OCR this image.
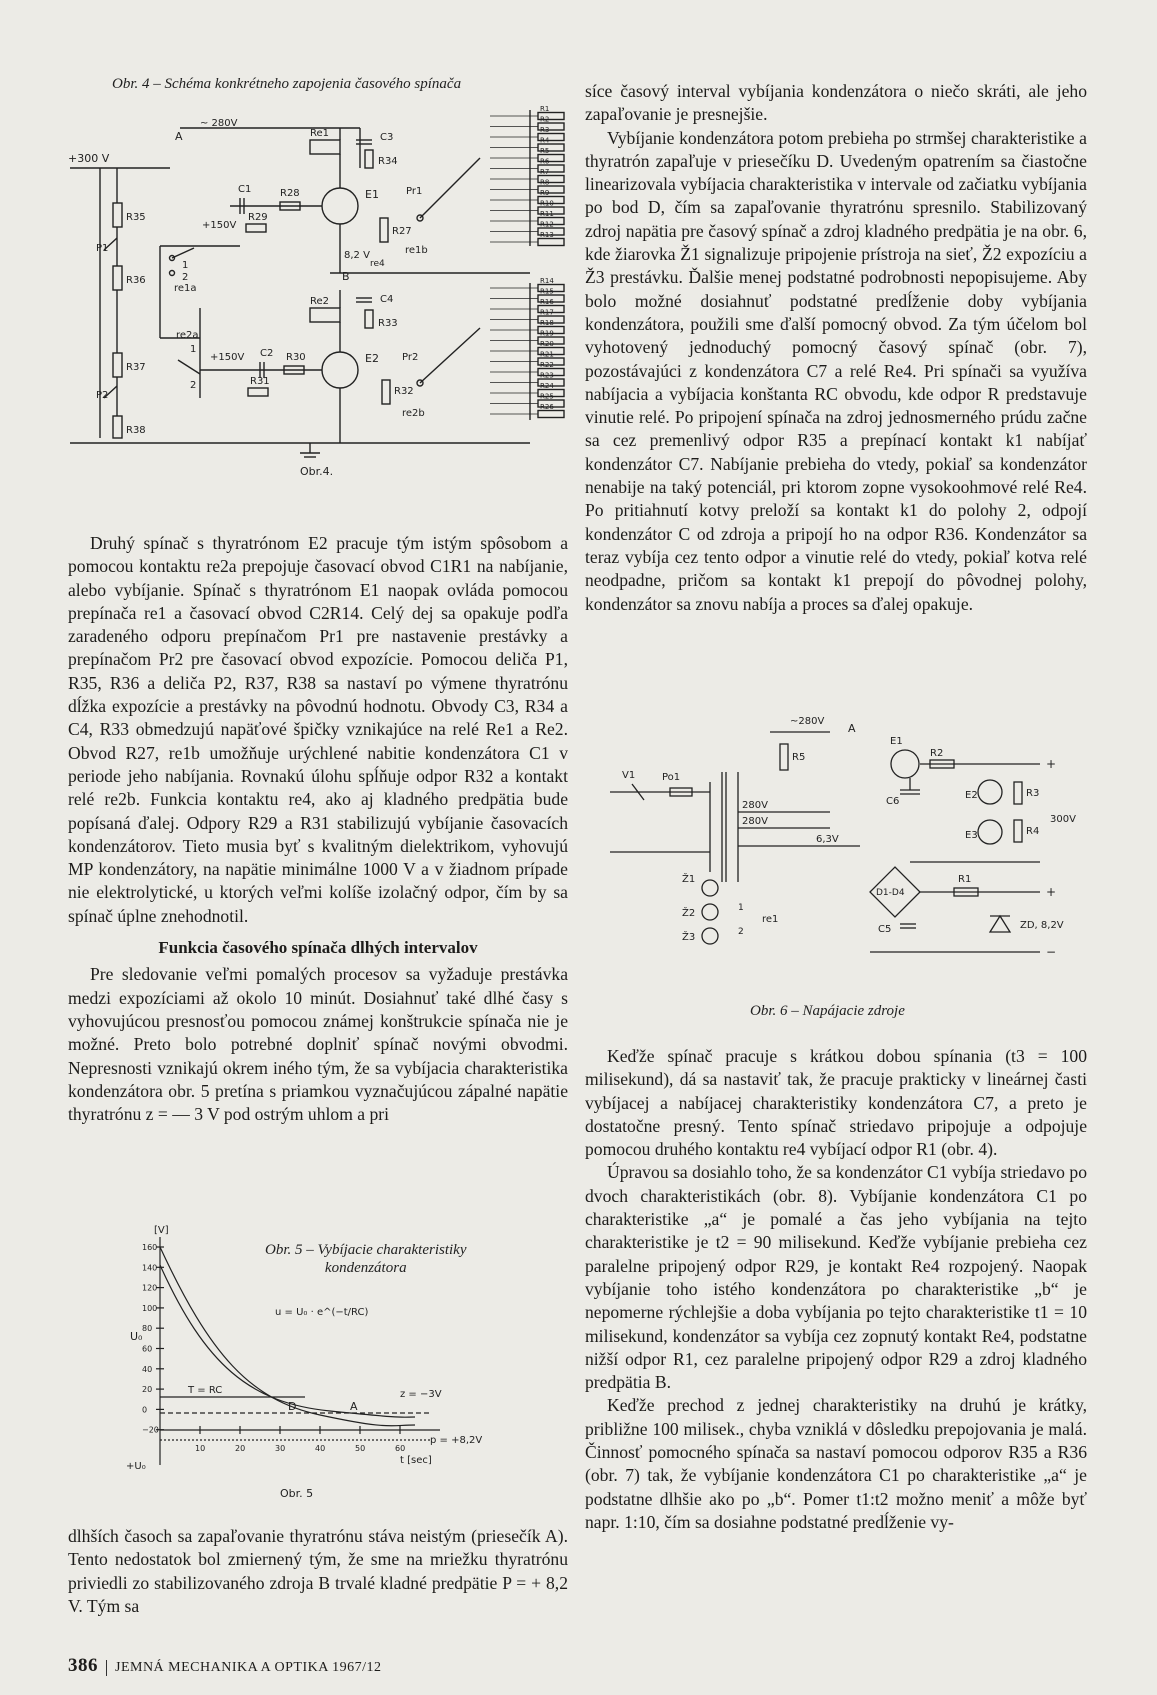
Obr. 4 – Schéma konkrétneho zapojenia časového spínača
+300 V
R35
R36
P1
R37
R38
P2
1
2
re1a
re2a
1
2
E1
Re1
A
~ 280V
C3
R34
C1	R28
R29
+150V
Pr1
R27
re1b
8,2 V
re4
B
E2
Re2	C4
R33
C2 R30
R31
+150V	Pr2
R32
re2b
R1
R2
R3
R4
R5
R6
R7
R8
R9
R10
R11
R12
R13
R14
R15
R16
R17
R18
R19
R20
R21
R22
R23
R24
R25
R26
Obr.4.

Druhý spínač s thyratrónom E2 pracuje tým istým spôsobom a pomocou kontaktu re2a prepojuje časovací obvod C1R1 na nabíjanie, alebo vybíjanie. Spínač s thyratrónom E1 naopak ovláda pomocou prepínača re1 a časovací obvod C2R14. Celý dej sa opakuje podľa zaradeného odporu prepínačom Pr1 pre nastavenie prestávky a prepínačom Pr2 pre časovací obvod expozície. Pomocou deliča P1, R35, R36 a deliča P2, R37, R38 sa nastaví po výmene thyratrónu dĺžka expozície a prestávky na pôvodnú hodnotu. Obvody C3, R34 a C4, R33 obmedzujú napäťové špičky vznikajúce na relé Re1 a Re2. Obvod R27, re1b umožňuje urýchlené nabitie kondenzátora C1 v periode jeho nabíjania. Rovnakú úlohu spĺňuje odpor R32 a kontakt relé re2b. Funkcia kontaktu re4, ako aj kladného predpätia bude popísaná ďalej. Odpory R29 a R31 stabilizujú vybíjanie časovacích kondenzátorov. Tieto musia byť s kvalitným dielektrikom, vyhovujú MP kondenzátory, na napätie minimálne 1000 V a v žiadnom prípade nie elektrolytické, u ktorých veľmi kolíše izolačný odpor, čím by sa spínač úplne znehodnotil.

Funkcia časového spínača dlhých intervalov

Pre sledovanie veľmi pomalých procesov sa vyžaduje prestávka medzi expozíciami až okolo 10 minút. Dosiahnuť také dlhé časy s vyhovujúcou presnosťou pomocou známej konštrukcie spínača nie je možné. Preto bolo potrebné doplniť spínač novými obvodmi. Nepresnosti vznikajú okrem iného tým, že sa vybíjacia charakteristika kondenzátora obr. 5 pretína s priamkou vyznačujúcou zápalné napätie thyratrónu z = — 3 V pod ostrým uhlom a pri

[V]
U₀
160
140
120
100
80
60
40
20
0
−20
10	20	30	40	50	60
T = RC
u = U₀ · e^(−t/RC)
z = −3V
p = +8,2V
A
D
t [sec]
+U₀
Obr. 5
Obr. 5 – Vybíjacie charakteristiky
kondenzátora

dlhších časoch sa zapaľovanie thyratrónu stáva neistým (priesečík A). Tento nedostatok bol zmiernený tým, že sme na mriežku thyratrónu priviedli zo stabilizovaného zdroja B trvalé kladné predpätie P = + 8,2 V. Tým sa

síce časový interval vybíjania kondenzátora o niečo skráti, ale jeho zapaľovanie je presnejšie.

Vybíjanie kondenzátora potom prebieha po strmšej charakteristike a thyratrón zapaľuje v priesečíku D. Uvedeným opatrením sa čiastočne linearizovala vybíjacia charakteristika v intervale od začiatku vybíjania po bod D, čím sa zapaľovanie thyratrónu spresnilo. Stabilizovaný zdroj napätia pre časový spínač a zdroj kladného predpätia je na obr. 6, kde žiarovka Ž1 signalizuje pripojenie prístroja na sieť, Ž2 expozíciu a Ž3 prestávku. Ďalšie menej podstatné podrobnosti nepopisujeme. Aby bolo možné dosiahnuť podstatné predĺženie doby vybíjania kondenzátora, použili sme ďalší pomocný obvod. Za tým účelom bol vyhotovený jednoduchý pomocný časový spínač (obr. 7), pozostávajúci z kondenzátora C7 a relé Re4. Pri spínači sa využíva nabíjacia a vybíjacia konštanta RC obvodu, kde odpor R predstavuje vinutie relé. Po pripojení spínača na zdroj jednosmerného prúdu začne sa cez premenlivý odpor R35 a prepínací kontakt k1 nabíjať kondenzátor C7. Nabíjanie prebieha do vtedy, pokiaľ sa kondenzátor nenabije na taký potenciál, pri ktorom zopne vysokoohmové relé Re4. Po pritiahnutí kotvy preloží sa kontakt k1 do polohy 2, odpojí kondenzátor C od zdroja a pripojí ho na odpor R36. Kondenzátor sa teraz vybíja cez tento odpor a vinutie relé do vtedy, pokiaľ kotva relé neodpadne, pričom sa kontakt k1 prepojí do pôvodnej polohy, kondenzátor sa znovu nabíja a proces sa ďalej opakuje.

~280V
A
R5
E1
R2
+
C6
E2
E3
R3
R4
300V
V1	Po1
280V
280V
6,3V
Ž1
Ž2
Ž3
re1
1
2
D1-D4
R1
C5	ZD, 8,2V
+
−
Obr. 6 – Napájacie zdroje

Keďže spínač pracuje s krátkou dobou spínania (t3 = 100 milisekund), dá sa nastaviť tak, že pracuje prakticky v lineárnej časti vybíjacej a nabíjacej charakteristiky kondenzátora C7, a preto je dostatočne presný. Tento spínač striedavo pripojuje a odpojuje pomocou druhého kontaktu re4 vybíjací odpor R1 (obr. 4).

Úpravou sa dosiahlo toho, že sa kondenzátor C1 vybíja striedavo po dvoch charakteristikách (obr. 8). Vybíjanie kondenzátora C1 po charakteristike „a“ je pomalé a čas jeho vybíjania na tejto charakteristike je t2 = 90 milisekund. Keďže vybíjanie prebieha cez paralelne pripojený odpor R29, je kontakt Re4 rozpojený. Naopak vybíjanie toho istého kondenzátora po charakteristike „b“ je nepomerne rýchlejšie a doba vybíjania po tejto charakteristike t1 = 10 milisekund, kondenzátor sa vybíja cez zopnutý kontakt Re4, podstatne nižší odpor R1, cez paralelne pripojený odpor R29 a zdroj kladného predpätia B.

Keďže prechod z jednej charakteristiky na druhú je krátky, približne 100 milisek., chyba vzniklá v dôsledku prepojovania je malá. Činnosť pomocného spínača sa nastaví pomocou odporov R35 a R36 (obr. 7) tak, že vybíjanie kondenzátora C1 po charakteristike „a“ je podstatne dlhšie ako po „b“. Pomer t1:t2 možno meniť a môže byť napr. 1:10, čím sa dosiahne podstatné predĺženie vy-

386 JEMNÁ MECHANIKA A OPTIKA 1967/12
